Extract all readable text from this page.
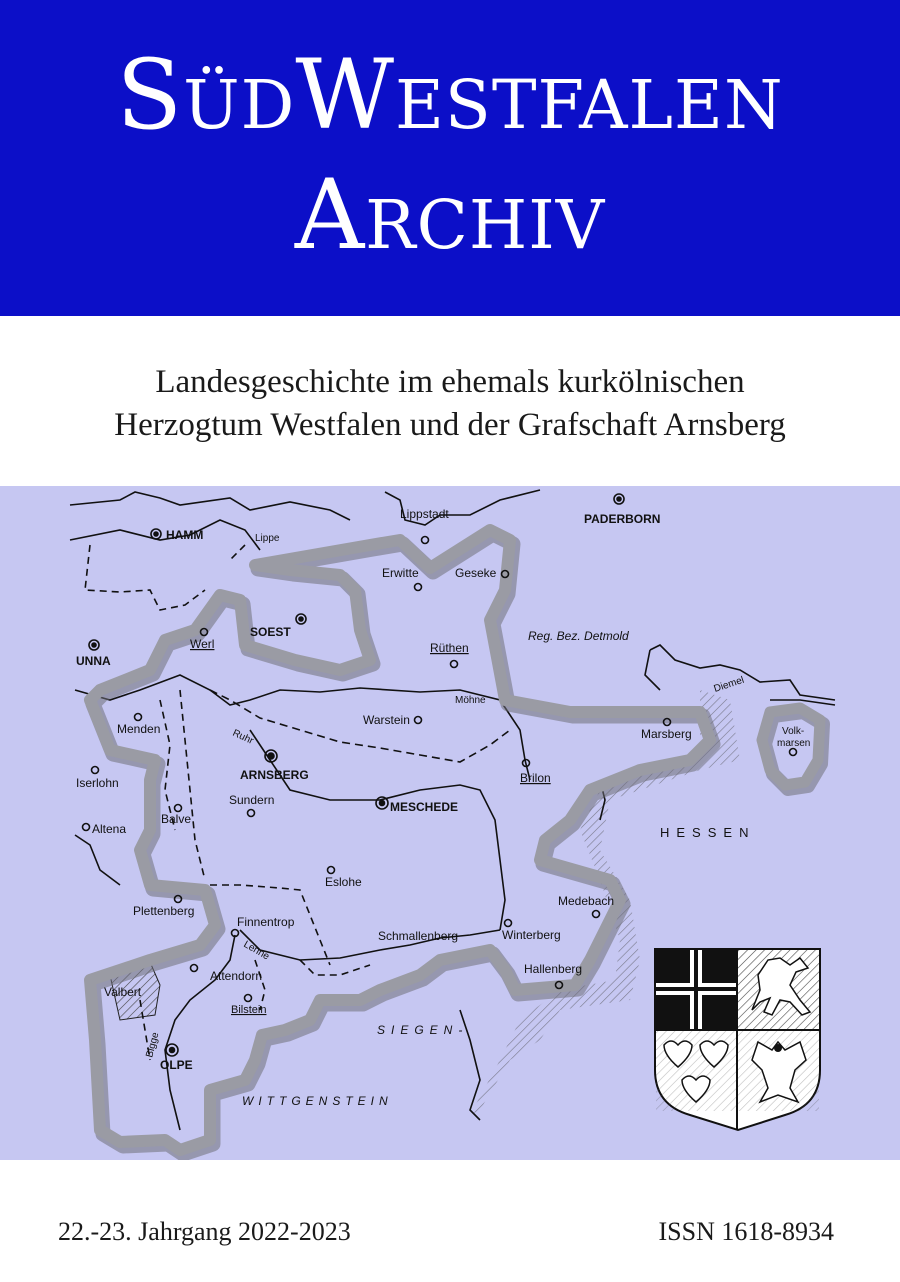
SüdWestfalen
Archiv
Landesgeschichte im ehemals kurkölnischen
Herzogtum Westfalen und der Grafschaft Arnsberg
HAMM
PADERBORN
Lippstadt
Erwitte	Geseke
SOEST
Werl
UNNA
Rüthen
Menden
Warstein
Marsberg	Volk-
marsen
Iserlohn
ARNSBERG	Brilon
Sundern	MESCHEDE
Altena
Balve
Eslohe
Medebach
Plettenberg
Finnentrop
Schmallenberg	Winterberg
Hallenberg
Valbert
Attendorn
Bilstein
OLPE
Lippe
Möhne
Ruhr
Diemel
Lenne
Bigge
Reg. Bez. Detmold
HESSEN
SIEGEN-
WITTGENSTEIN
22.-23. Jahrgang 2022-2023	ISSN 1618-8934
